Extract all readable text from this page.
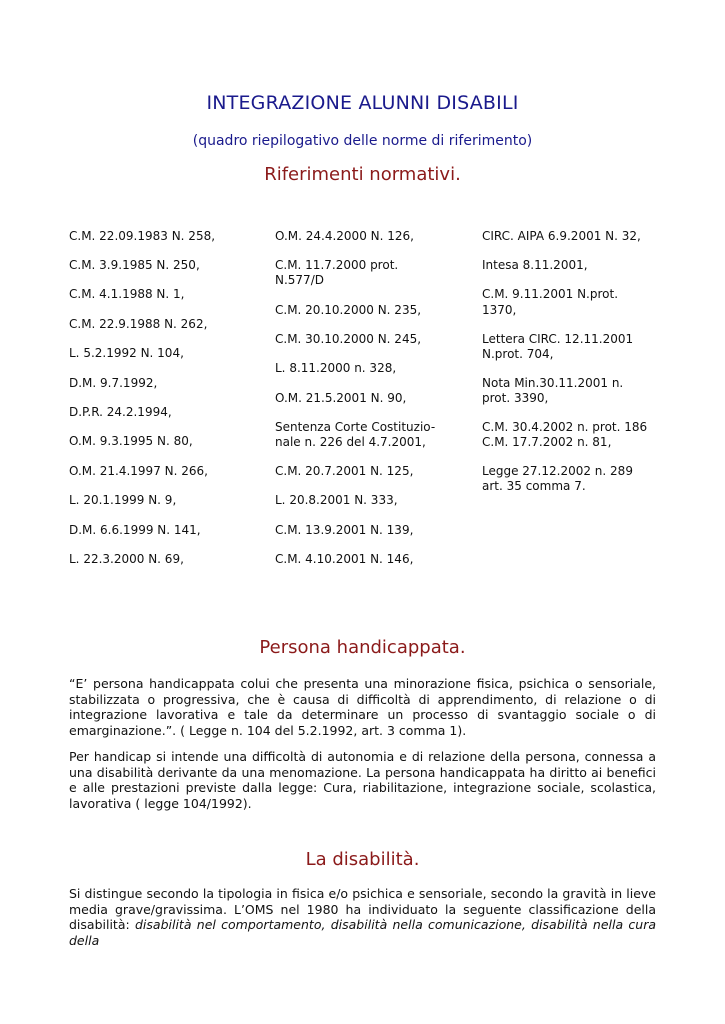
INTEGRAZIONE ALUNNI DISABILI
(quadro riepilogativo delle norme di riferimento)
Riferimenti normativi.

C.M. 22.09.1983 N. 258,

C.M. 3.9.1985 N. 250,

C.M. 4.1.1988 N. 1,

C.M. 22.9.1988 N. 262,

L. 5.2.1992 N. 104,

D.M. 9.7.1992,

D.P.R. 24.2.1994,

O.M. 9.3.1995 N. 80,

O.M. 21.4.1997 N. 266,

L. 20.1.1999 N. 9,

D.M. 6.6.1999 N. 141,

L. 22.3.2000 N. 69,

O.M. 24.4.2000 N. 126,

C.M. 11.7.2000 prot.

N.577/D

C.M. 20.10.2000 N. 235,

C.M. 30.10.2000 N. 245,

L. 8.11.2000 n. 328,

O.M. 21.5.2001 N. 90,

Sentenza Corte Costituzio-

nale n. 226 del 4.7.2001,

C.M. 20.7.2001 N. 125,

L. 20.8.2001 N. 333,

C.M. 13.9.2001 N. 139,

C.M. 4.10.2001 N. 146,

CIRC. AIPA 6.9.2001 N. 32,

Intesa 8.11.2001,

C.M. 9.11.2001 N.prot.

1370,

Lettera CIRC. 12.11.2001

N.prot. 704,

Nota Min.30.11.2001 n.

prot. 3390,

C.M. 30.4.2002 n. prot. 186

C.M. 17.7.2002 n. 81,

Legge 27.12.2002 n. 289

art. 35 comma 7.

Persona handicappata.

“E’ persona handicappata colui che presenta una minorazione fisica, psichica o sensoriale, stabilizzata o progressiva, che è causa di difficoltà di apprendimento, di relazione o di integrazione lavorativa e tale da determinare un processo di svantaggio sociale o di emarginazione.”. ( Legge n. 104 del 5.2.1992, art. 3 comma 1).

Per handicap si intende una difficoltà di autonomia e di relazione della persona, connessa a una disabilità derivante da una menomazione. La persona handicappata ha diritto ai benefici e alle prestazioni previste dalla legge: Cura, riabilitazione, integrazione sociale, scolastica, lavorativa ( legge 104/1992).

La disabilità.

Si distingue secondo la tipologia in fisica e/o psichica e sensoriale, secondo la gravità in lieve media grave/gravissima. L’OMS nel 1980 ha individuato la seguente classificazione della disabilità: disabilità nel comportamento, disabilità nella comunicazione, disabilità nella cura della
